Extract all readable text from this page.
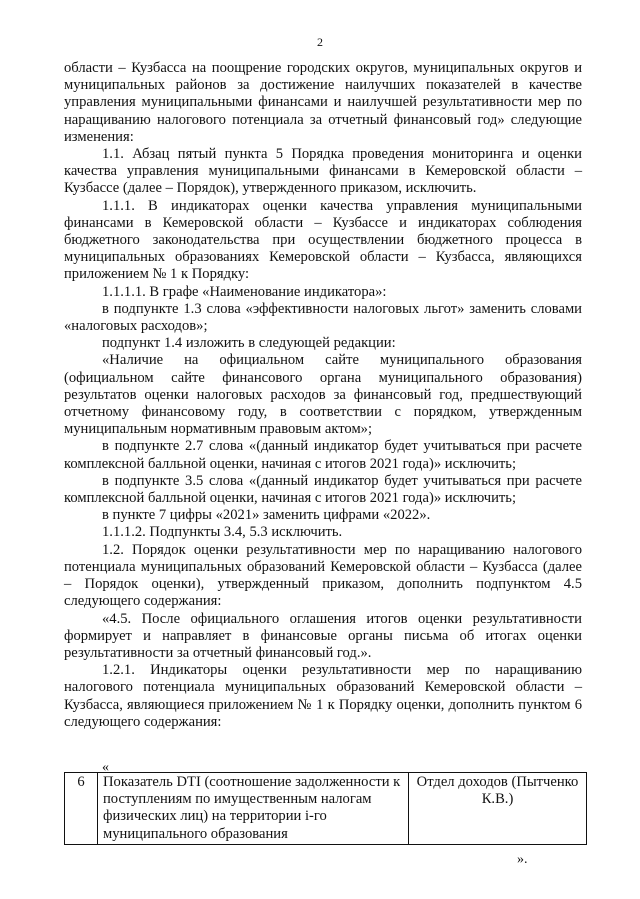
2

области – Кузбасса на поощрение городских округов, муниципальных округов и муниципальных районов за достижение наилучших показателей в качестве управления муниципальными финансами и наилучшей результативности мер по наращиванию налогового потенциала за отчетный финансовый год» следующие изменения:

1.1. Абзац пятый пункта 5 Порядка проведения мониторинга и оценки качества управления муниципальными финансами в Кемеровской области – Кузбассе (далее – Порядок), утвержденного приказом, исключить.

1.1.1. В индикаторах оценки качества управления муниципальными финансами в Кемеровской области – Кузбассе и индикаторах соблюдения бюджетного законодательства при осуществлении бюджетного процесса в муниципальных образованиях Кемеровской области – Кузбасса, являющихся приложением № 1 к Порядку:

1.1.1.1. В графе «Наименование индикатора»:

в подпункте 1.3 слова «эффективности налоговых льгот» заменить словами «налоговых расходов»;

подпункт 1.4 изложить в следующей редакции:

«Наличие на официальном сайте муниципального образования (официальном сайте финансового органа муниципального образования) результатов оценки налоговых расходов за финансовый год, предшествующий отчетному финансовому году, в соответствии с порядком, утвержденным муниципальным нормативным правовым актом»;

в подпункте 2.7 слова «(данный индикатор будет учитываться при расчете комплексной балльной оценки, начиная с итогов 2021 года)» исключить;

в подпункте 3.5 слова «(данный индикатор будет учитываться при расчете комплексной балльной оценки, начиная с итогов 2021 года)» исключить;

в пункте 7 цифры «2021» заменить цифрами «2022».

1.1.1.2. Подпункты 3.4, 5.3 исключить.

1.2. Порядок оценки результативности мер по наращиванию налогового потенциала муниципальных образований Кемеровской области – Кузбасса (далее – Порядок оценки), утвержденный приказом, дополнить подпунктом 4.5 следующего содержания:

«4.5. После официального оглашения итогов оценки результативности формирует и направляет в финансовые органы письма об итогах оценки результативности за отчетный финансовый год.».

1.2.1. Индикаторы оценки результативности мер по наращиванию налогового потенциала муниципальных образований Кемеровской области – Кузбасса, являющиеся приложением № 1 к Порядку оценки, дополнить пунктом 6 следующего содержания:

«
6	Показатель DTI (соотношение задолженности к поступлениям по имущественным налогам физических лиц) на территории i-го муниципального образования	Отдел доходов (Пытченко К.В.)
».
